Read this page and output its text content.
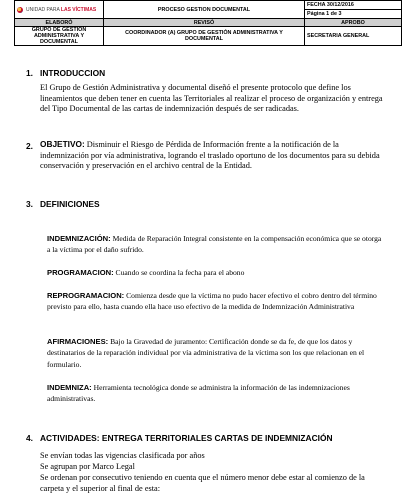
UNIDAD PARA LAS VÍCTIMAS	PROCESO GESTION DOCUMENTAL	FECHA 30/12/2016
		Página 1 de 3
ELABORÓ	REVISÓ	APROBO
GRUPO DE GESTIÓN ADMINISTRATIVA Y DOCUMENTAL	COORDINADOR (A) GRUPO DE GESTIÓN ADMINISTRATIVA Y DOCUMENTAL	SECRETARIA GENERAL
1. INTRODUCCION
El Grupo de Gestión Administrativa y documental diseñó el presente protocolo que define los lineamientos que deben tener en cuenta las Territoriales al realizar el proceso de organización y entrega del Tipo Documental de las cartas de indemnización después de ser radicadas.
2. OBJETIVO: Disminuir el Riesgo de Pérdida de Información frente a la notificación de la indemnización por vía administrativa, logrando el traslado oportuno de los documentos para su debida conservación y preservación en el archivo central de la Entidad.
3. DEFINICIONES
INDEMNIZACIÓN: Medida de Reparación Integral consistente en la compensación económica que se otorga a la víctima por el daño sufrido.
PROGRAMACION: Cuando se coordina la fecha para el abono
REPROGRAMACION: Comienza desde que la víctima no pudo hacer efectivo el cobro dentro del término previsto para ello, hasta cuando ella hace uso efectivo de la medida de Indemnización Administrativa
AFIRMACIONES: Bajo la Gravedad de juramento: Certificación donde se da fe, de que los datos y destinatarios de la reparación individual por vía administrativa de la víctima son los que relacionan en el formulario.
INDEMNIZA: Herramienta tecnológica donde se administra la información de las indemnizaciones administrativas.
4. ACTIVIDADES: ENTREGA TERRITORIALES CARTAS DE INDEMNIZACIÓN
Se envían todas las vigencias clasificada por años
Se agrupan por Marco Legal
Se ordenan por consecutivo teniendo en cuenta que el número menor debe estar al comienzo de la carpeta y el superior al final de esta:
